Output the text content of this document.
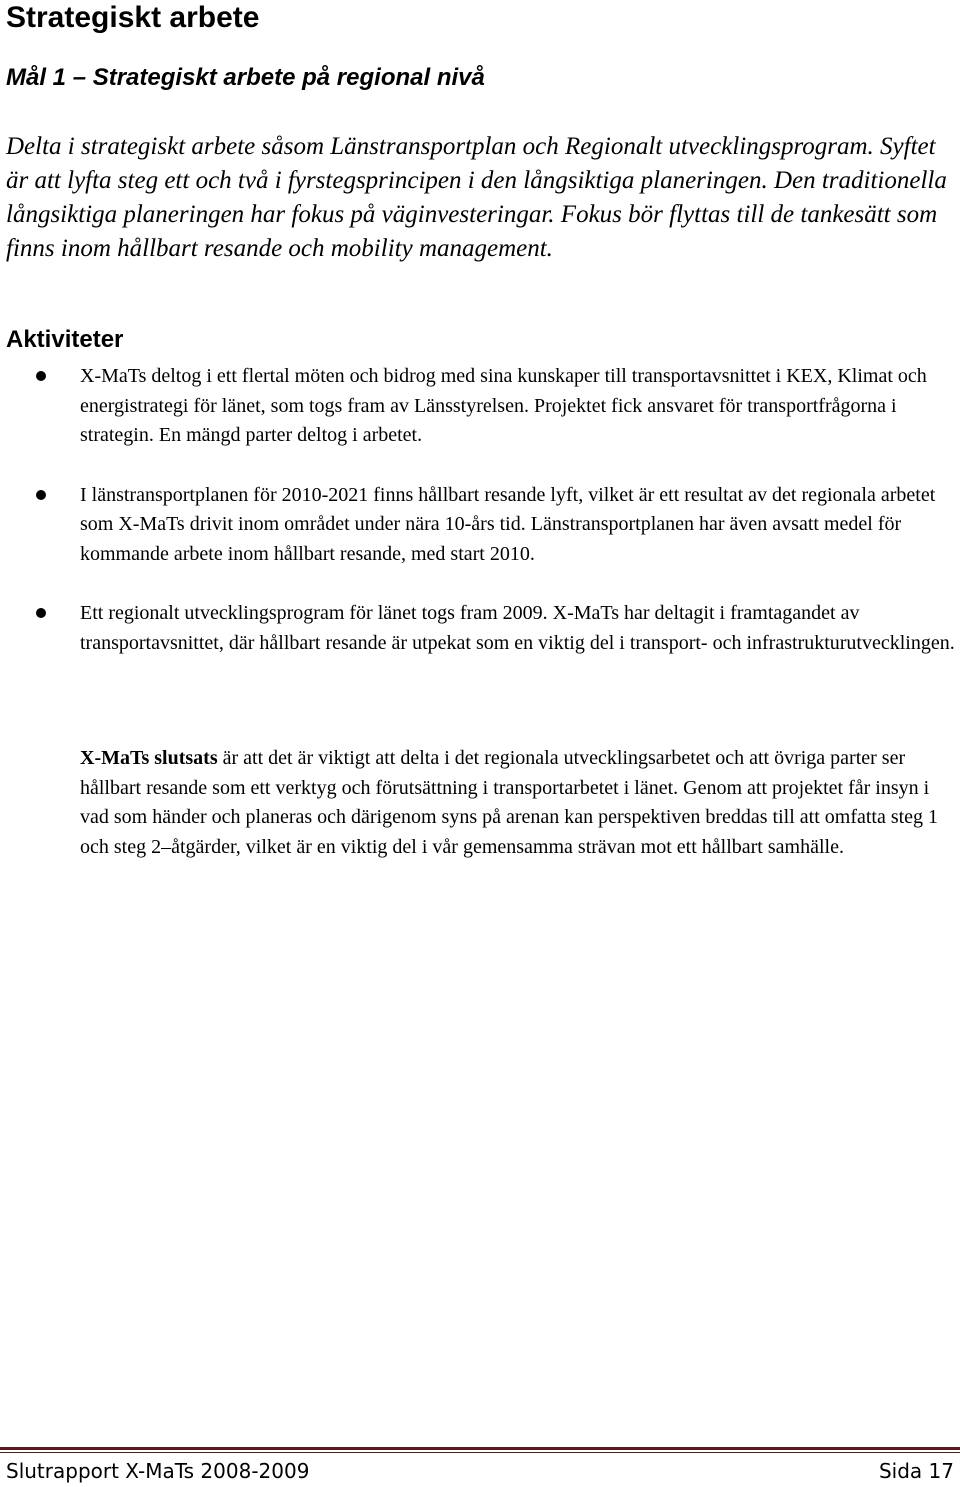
Strategiskt arbete
Mål 1 – Strategiskt arbete på regional nivå

Delta i strategiskt arbete såsom Länstransportplan och Regionalt utvecklingsprogram. Syftet är att lyfta steg ett och två i fyrstegsprincipen i den långsiktiga planeringen. Den traditionella långsiktiga planeringen har fokus på väginvesteringar. Fokus bör flyttas till de tankesätt som finns inom hållbart resande och mobility management.

Aktiviteter
X-MaTs deltog i ett flertal möten och bidrog med sina kunskaper till transportavsnittet i KEX, Klimat och energistrategi för länet, som togs fram av Länsstyrelsen. Projektet fick ansvaret för transportfrågorna i strategin. En mängd parter deltog i arbetet.
I länstransportplanen för 2010-2021 finns hållbart resande lyft, vilket är ett resultat av det regionala arbetet som X-MaTs drivit inom området under nära 10-års tid. Länstransportplanen har även avsatt medel för kommande arbete inom hållbart resande, med start 2010.
Ett regionalt utvecklingsprogram för länet togs fram 2009. X-MaTs har deltagit i framtagandet av transportavsnittet, där hållbart resande är utpekat som en viktig del i transport- och infrastrukturutvecklingen.

X-MaTs slutsats är att det är viktigt att delta i det regionala utvecklingsarbetet och att övriga parter ser hållbart resande som ett verktyg och förutsättning i transportarbetet i länet. Genom att projektet får insyn i vad som händer och planeras och därigenom syns på arenan kan perspektiven breddas till att omfatta steg 1 och steg 2–åtgärder, vilket är en viktig del i vår gemensamma strävan mot ett hållbart samhälle.

Slutrapport X-MaTs 2008-2009	Sida 17
